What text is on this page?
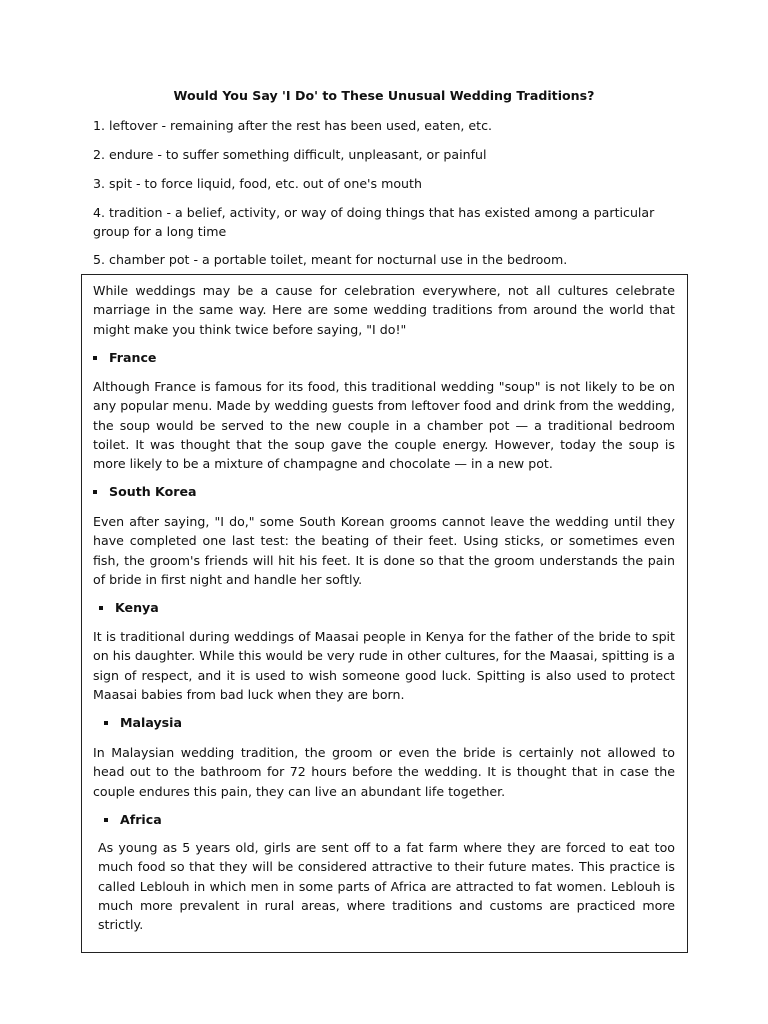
Would You Say 'I Do' to These Unusual Wedding Traditions?

1. leftover - remaining after the rest has been used, eaten, etc.

2. endure - to suffer something difficult, unpleasant, or painful

3. spit - to force liquid, food, etc. out of one's mouth

4. tradition - a belief, activity, or way of doing things that has existed among a particular group for a long time

5. chamber pot - a portable toilet, meant for nocturnal use in the bedroom.

While weddings may be a cause for celebration everywhere, not all cultures celebrate marriage in the same way. Here are some wedding traditions from around the world that might make you think twice before saying, "I do!"

France

Although France is famous for its food, this traditional wedding "soup" is not likely to be on any popular menu. Made by wedding guests from leftover food and drink from the wedding, the soup would be served to the new couple in a chamber pot — a traditional bedroom toilet. It was thought that the soup gave the couple energy. However, today the soup is more likely to be a mixture of champagne and chocolate — in a new pot.

South Korea

Even after saying, "I do," some South Korean grooms cannot leave the wedding until they have completed one last test: the beating of their feet. Using sticks, or sometimes even fish, the groom's friends will hit his feet. It is done so that the groom understands the pain of bride in first night and handle her softly.

Kenya

It is traditional during weddings of Maasai people in Kenya for the father of the bride to spit on his daughter. While this would be very rude in other cultures, for the Maasai, spitting is a sign of respect, and it is used to wish someone good luck. Spitting is also used to protect Maasai babies from bad luck when they are born.

Malaysia

In Malaysian wedding tradition, the groom or even the bride is certainly not allowed to head out to the bathroom for 72 hours before the wedding. It is thought that in case the couple endures this pain, they can live an abundant life together.

Africa

As young as 5 years old, girls are sent off to a fat farm where they are forced to eat too much food so that they will be considered attractive to their future mates. This practice is called Leblouh in which men in some parts of Africa are attracted to fat women. Leblouh is much more prevalent in rural areas, where traditions and customs are practiced more strictly.
